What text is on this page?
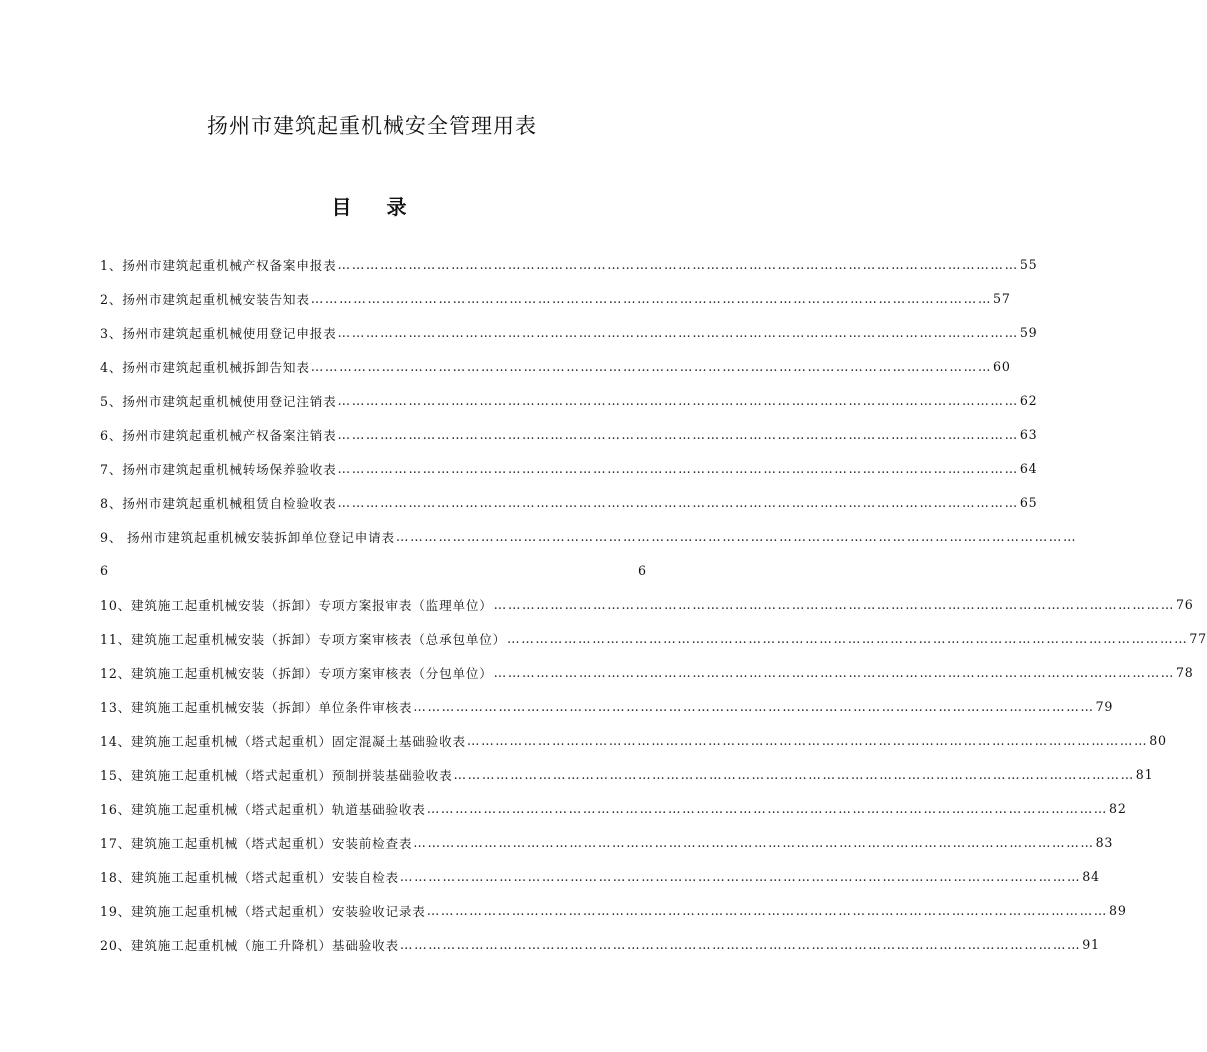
扬州市建筑起重机械安全管理用表
目 录
1、扬州市建筑起重机械产权备案申报表 ……………………………………………………………………………………………………………………………… 55
2、扬州市建筑起重机械安装告知表 ……………………………………………………………………………………………………………………………… 57
3、扬州市建筑起重机械使用登记申报表 ……………………………………………………………………………………………………………………………… 59
4、扬州市建筑起重机械拆卸告知表 ……………………………………………………………………………………………………………………………… 60
5、扬州市建筑起重机械使用登记注销表 ……………………………………………………………………………………………………………………………… 62
6、扬州市建筑起重机械产权备案注销表 ……………………………………………………………………………………………………………………………… 63
7、扬州市建筑起重机械转场保养验收表 ……………………………………………………………………………………………………………………………… 64
8、扬州市建筑起重机械租赁自检验收表 ……………………………………………………………………………………………………………………………… 65
9、 扬州市建筑起重机械安装拆卸单位登记申请表 ………………………………………………………………………………………………………………………………
6	6
10、建筑施工起重机械安装（拆卸）专项方案报审表（监理单位） ……………………………………………………………………………………………………………………………… 76
11、建筑施工起重机械安装（拆卸）专项方案审核表（总承包单位） ……………………………………………………………………………………………………………………………… 77
12、建筑施工起重机械安装（拆卸）专项方案审核表（分包单位） ……………………………………………………………………………………………………………………………… 78
13、建筑施工起重机械安装（拆卸）单位条件审核表 ……………………………………………………………………………………………………………………………… 79
14、建筑施工起重机械（塔式起重机）固定混凝土基础验收表 ……………………………………………………………………………………………………………………………… 80
15、建筑施工起重机械（塔式起重机）预制拼装基础验收表 ……………………………………………………………………………………………………………………………… 81
16、建筑施工起重机械（塔式起重机）轨道基础验收表 ……………………………………………………………………………………………………………………………… 82
17、建筑施工起重机械（塔式起重机）安装前检查表 ……………………………………………………………………………………………………………………………… 83
18、建筑施工起重机械（塔式起重机）安装自检表 ……………………………………………………………………………………………………………………………… 84
19、建筑施工起重机械（塔式起重机）安装验收记录表 ……………………………………………………………………………………………………………………………… 89
20、建筑施工起重机械（施工升降机）基础验收表 ……………………………………………………………………………………………………………………………… 91
